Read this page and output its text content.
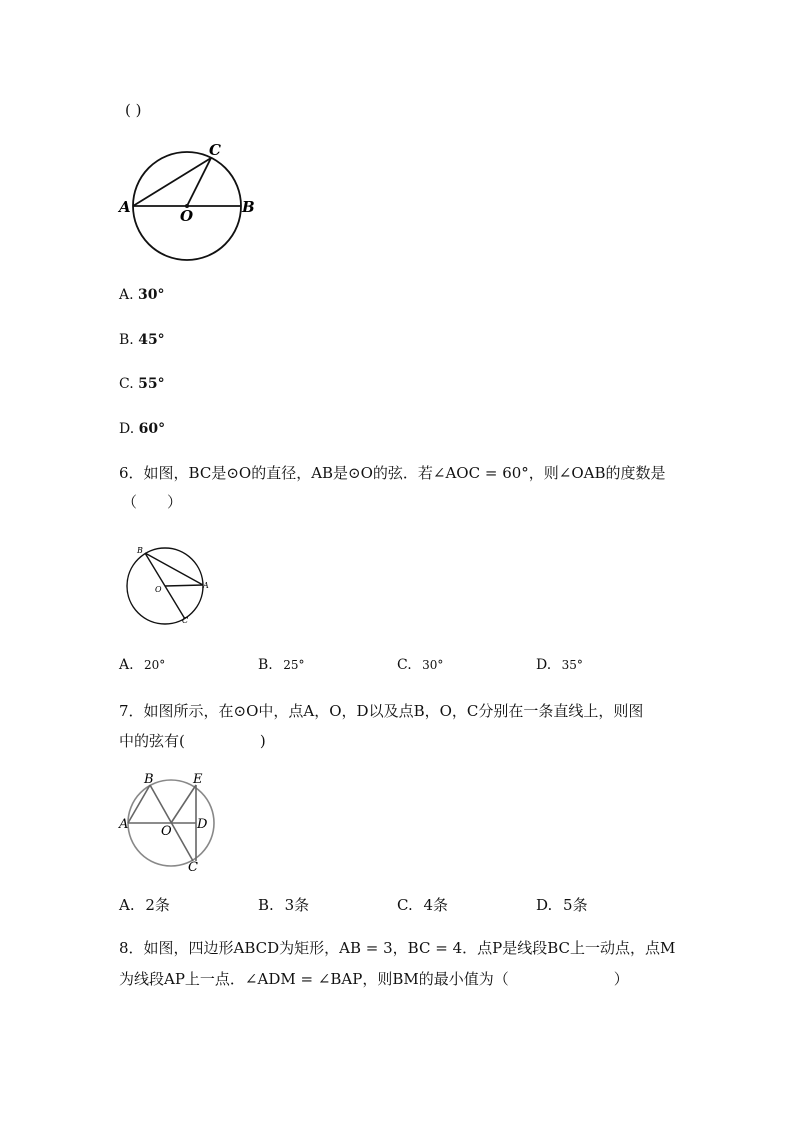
( )
C
A	B
O
A. 30°
B. 45°
C. 55°
D. 60°
6．如图，BC是⊙O的直径，AB是⊙O的弦．若∠AOC = 60°，则∠OAB的度数是
（　　）
B
A
O
C
A. 20°	B. 25°	C. 30°	D. 35°
7．如图所示，在⊙O中，点A，O，D以及点B，O，C分别在一条直线上，则图
中的弦有(　　　　　)
B	E
A	O D
C
A. 2条	B. 3条	C. 4条	D. 5条
8．如图，四边形ABCD为矩形，AB = 3，BC = 4．点P是线段BC上一动点，点M
为线段AP上一点．∠ADM = ∠BAP，则BM的最小值为（　　　　　　　）
